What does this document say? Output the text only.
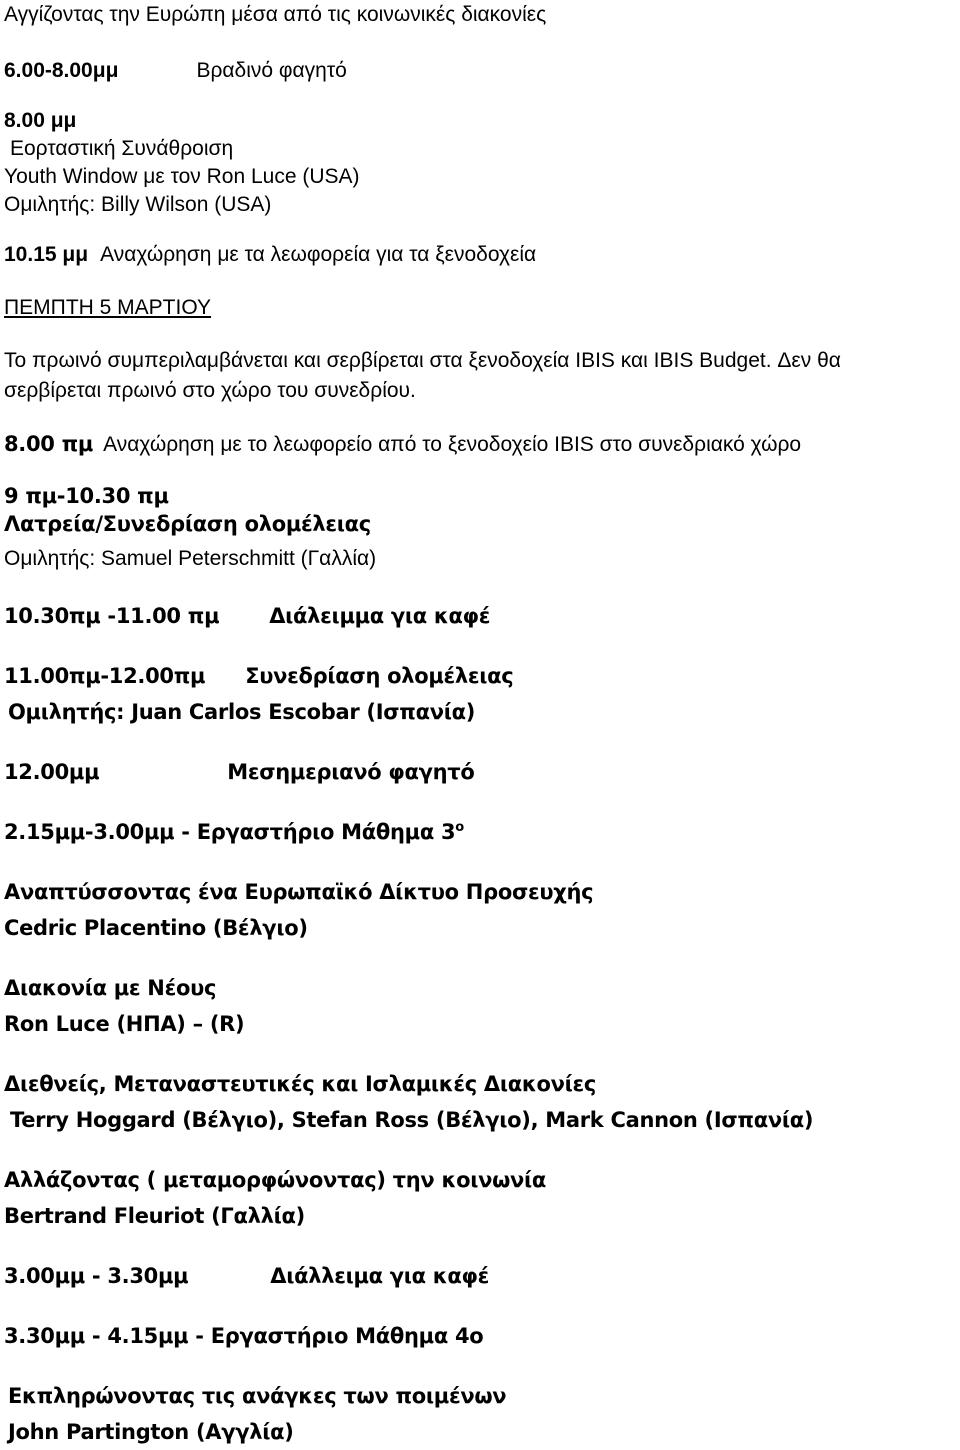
Αγγίζοντας την Ευρώπη μέσα από τις κοινωνικές διακονίες
6.00-8.00μμ	Βραδινό φαγητό
8.00 μμ
Εορταστική Συνάθροιση
Youth Window με τον Ron Luce (USA)
Ομιλητής: Billy Wilson (USA)
10.15 μμ Αναχώρηση με τα λεωφορεία για τα ξενοδοχεία
ΠΕΜΠΤΗ 5 ΜΑΡΤΙΟΥ
Το πρωινό συμπεριλαμβάνεται και σερβίρεται στα ξενοδοχεία IBIS και IBIS Budget. Δεν θα
σερβίρεται πρωινό στο χώρο του συνεδρίου.
8.00 πμ Αναχώρηση με το λεωφορείο από το ξενοδοχείο IBIS στο συνεδριακό χώρο
9 πμ-10.30 πμ
Λατρεία/Συνεδρίαση ολομέλειας
Ομιλητής: Samuel Peterschmitt (Γαλλία)
10.30πμ -11.00 πμ Διάλειμμα για καφέ
11.00πμ-12.00πμ Συνεδρίαση ολομέλειας
Ομιλητής: Juan Carlos Escobar (Ισπανία)
12.00μμ	Μεσημεριανό φαγητό
2.15μμ-3.00μμ - Εργαστήριο Μάθημα $3^o$
Αναπτύσσοντας ένα Ευρωπαϊκό Δίκτυο Προσευχής
Cedric Placentino (Βέλγιο)
Διακονία με Νέους
Ron Luce (ΗΠΑ) – (R)
Διεθνείς, Μεταναστευτικές και Ισλαμικές Διακονίες
Terry Hoggard (Βέλγιο), Stefan Ross (Βέλγιο), Mark Cannon (Ισπανία)
Αλλάζοντας ( μεταμορφώνοντας) την κοινωνία
Bertrand Fleuriot (Γαλλία)
3.00μμ - 3.30μμ	Διάλλειμα για καφέ
3.30μμ - 4.15μμ - Εργαστήριο Μάθημα 4ο
Εκπληρώνοντας τις ανάγκες των ποιμένων
John Partington (Αγγλία)
